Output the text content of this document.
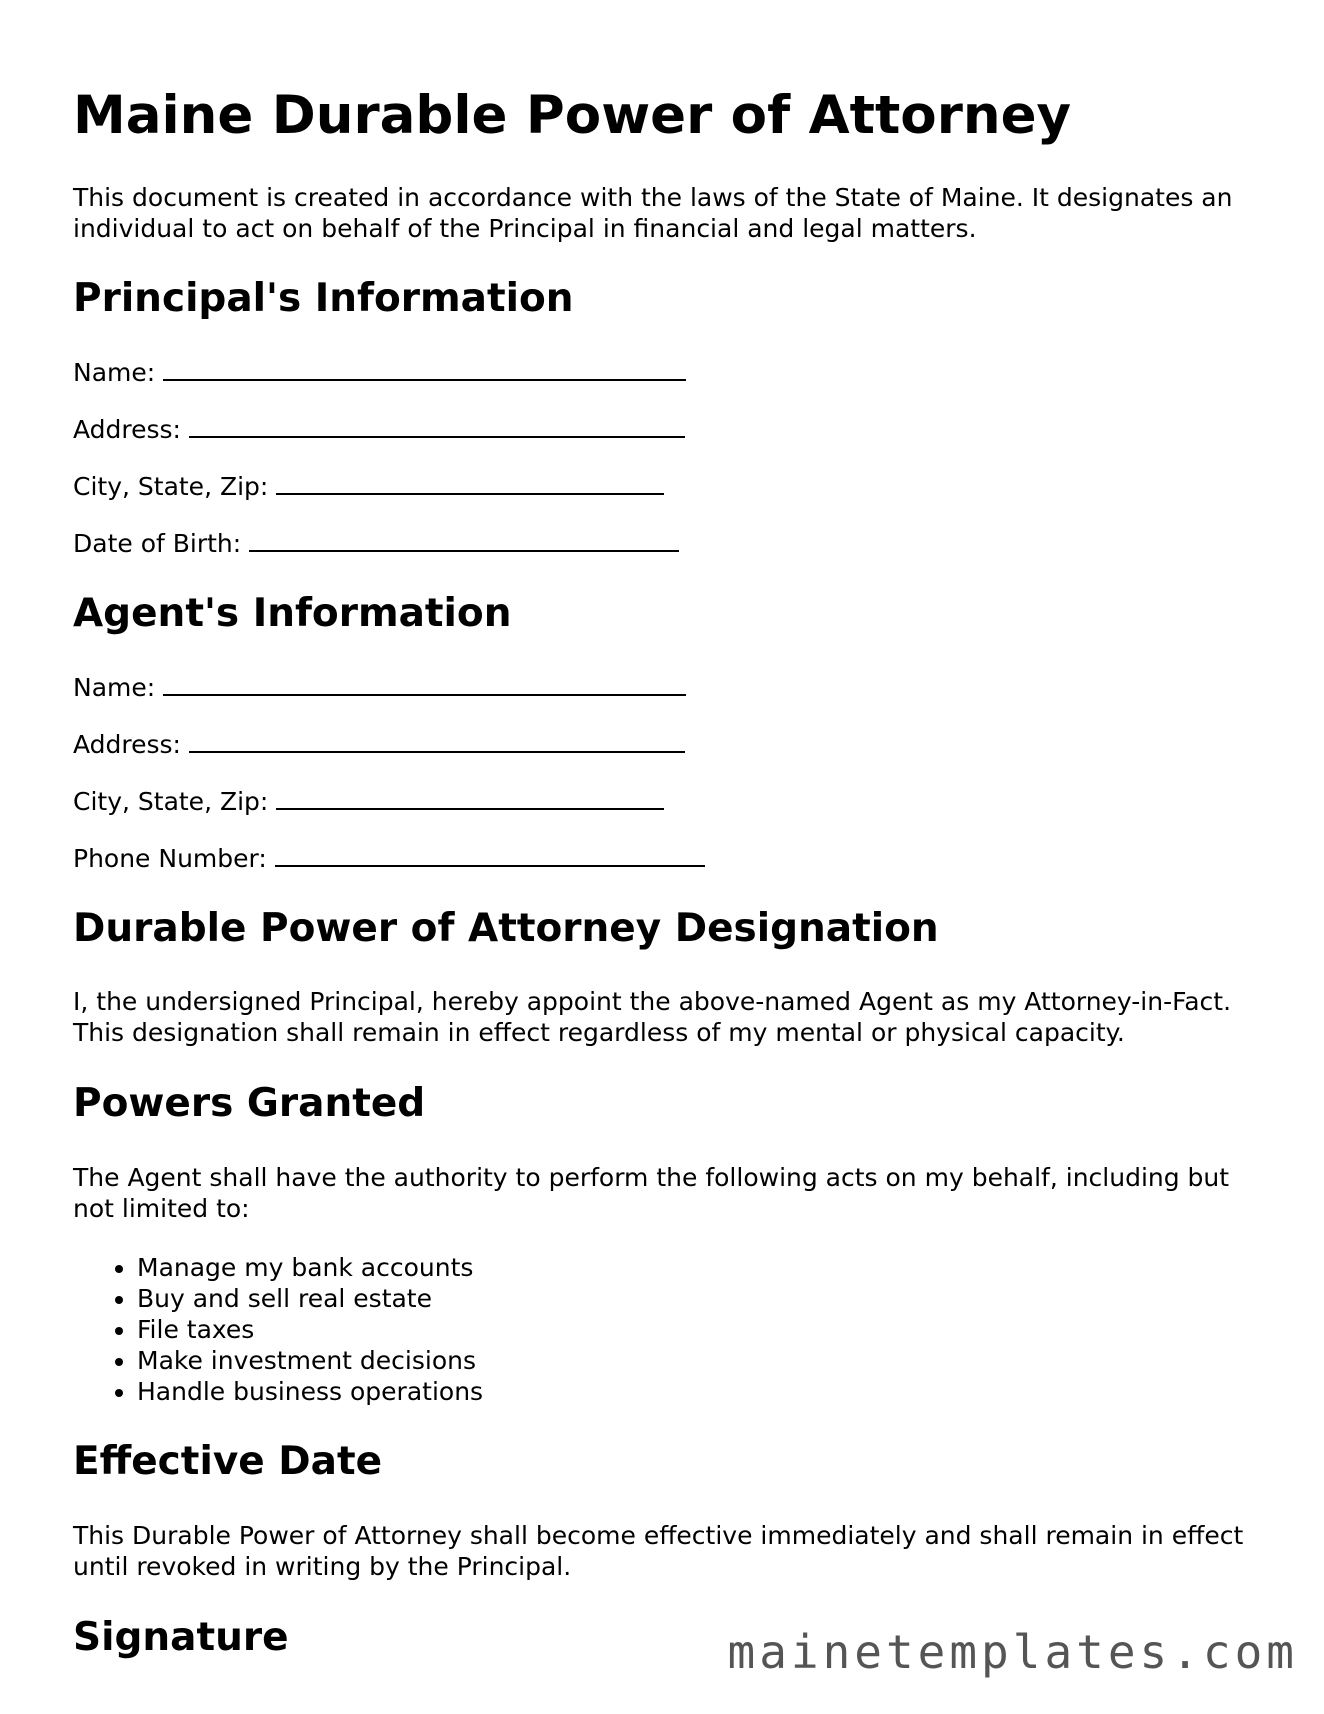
Maine Durable Power of Attorney

This document is created in accordance with the laws of the State of Maine. It designates an individual to act on behalf of the Principal in financial and legal matters.

Principal's Information
Name:
Address:
City, State, Zip:
Date of Birth:
Agent's Information
Name:
Address:
City, State, Zip:
Phone Number:
Durable Power of Attorney Designation

I, the undersigned Principal, hereby appoint the above-named Agent as my Attorney-in-Fact. This designation shall remain in effect regardless of my mental or physical capacity.

Powers Granted

The Agent shall have the authority to perform the following acts on my behalf, including but not limited to:

• Manage my bank accounts
• Buy and sell real estate
• File taxes
• Make investment decisions
• Handle business operations
Effective Date

This Durable Power of Attorney shall become effective immediately and shall remain in effect until revoked in writing by the Principal.

Signature	mainetemplates.com
